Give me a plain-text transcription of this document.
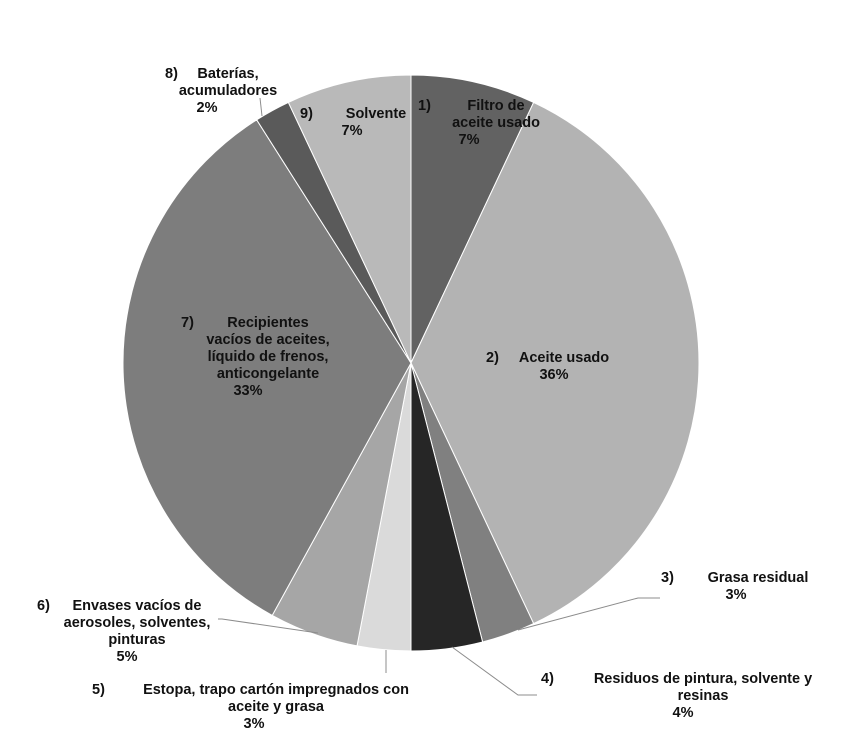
1)	Filtro de
aceite usado
7%
2) Aceite usado
36%
3) Grasa residual
3%
4)	Residuos de pintura, solvente y
resinas
4%
5)	Estopa, trapo cartón impregnados con
aceite y grasa
3%
6) Envases vacíos de
aerosoles, solventes,
pinturas
5%
7) Recipientes
vacíos de aceites,
líquido de frenos,
anticongelante
33%
8) Baterías,
acumuladores
2%	9) Solvente
7%
